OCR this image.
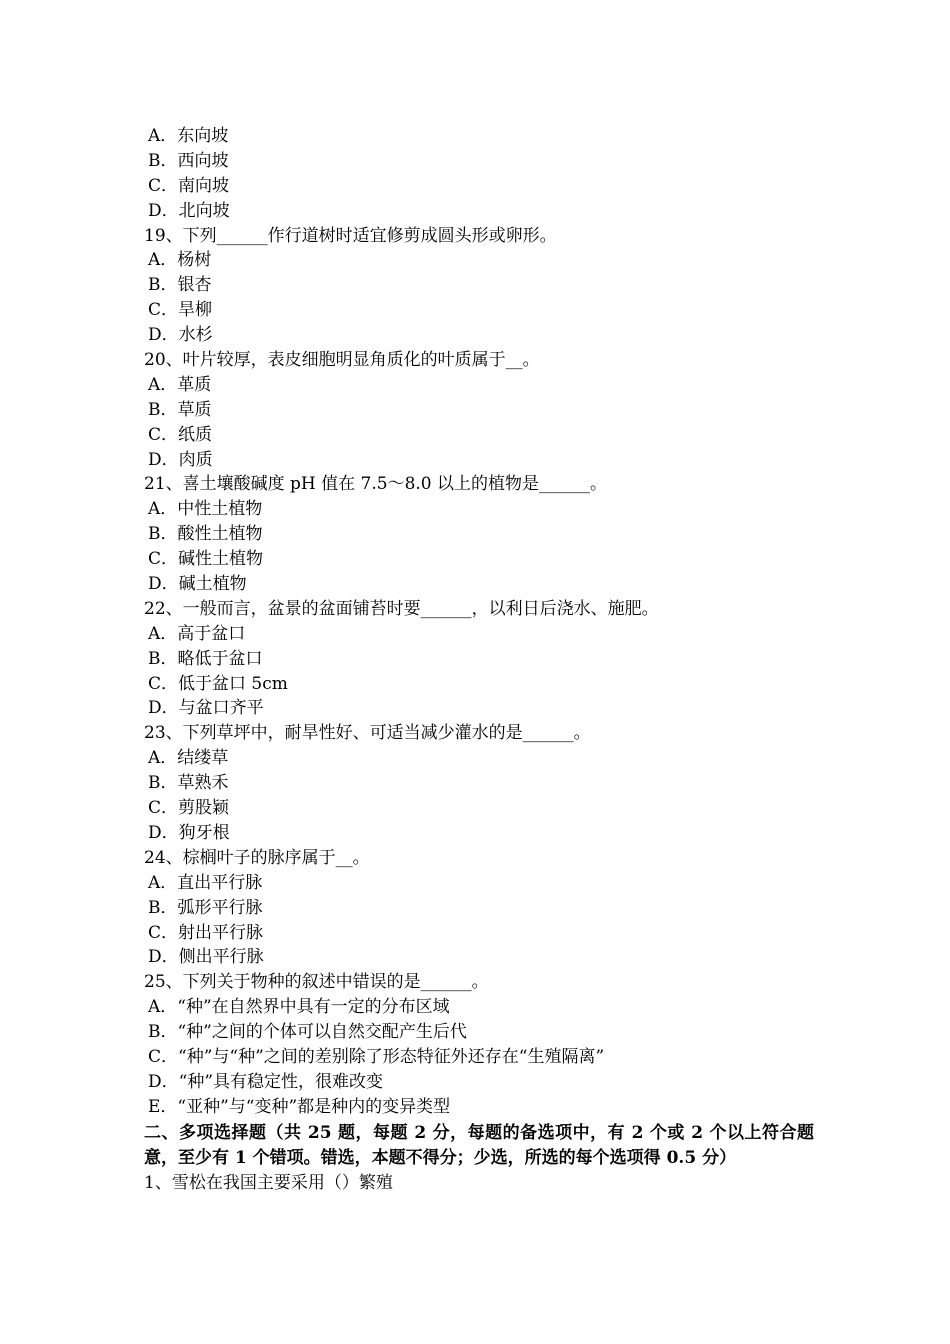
A．东向坡
B．西向坡
C．南向坡
D．北向坡
19、下列______作行道树时适宜修剪成圆头形或卵形。
A．杨树
B．银杏
C．旱柳
D．水杉
20、叶片较厚，表皮细胞明显角质化的叶质属于__。
A．革质
B．草质
C．纸质
D．肉质
21、喜土壤酸碱度 pH 值在 7.5～8.0 以上的植物是______。
A．中性土植物
B．酸性土植物
C．碱性土植物
D．碱土植物
22、一般而言，盆景的盆面铺苔时要______，以利日后浇水、施肥。
A．高于盆口
B．略低于盆口
C．低于盆口 5cm
D．与盆口齐平
23、下列草坪中，耐旱性好、可适当减少灌水的是______。
A．结缕草
B．草熟禾
C．剪股颖
D．狗牙根
24、棕榈叶子的脉序属于__。
A．直出平行脉
B．弧形平行脉
C．射出平行脉
D．侧出平行脉
25、下列关于物种的叙述中错误的是______。
A．“种”在自然界中具有一定的分布区域
B．“种”之间的个体可以自然交配产生后代
C．“种”与“种”之间的差别除了形态特征外还存在“生殖隔离”
D．“种”具有稳定性，很难改变
E．“亚种”与“变种”都是种内的变异类型
二、多项选择题（共 25 题，每题 2 分，每题的备选项中，有 2 个或 2 个以上符合题意，至少有 1 个错项。错选，本题不得分；少选，所选的每个选项得 0.5 分）
1、雪松在我国主要采用（）繁殖
